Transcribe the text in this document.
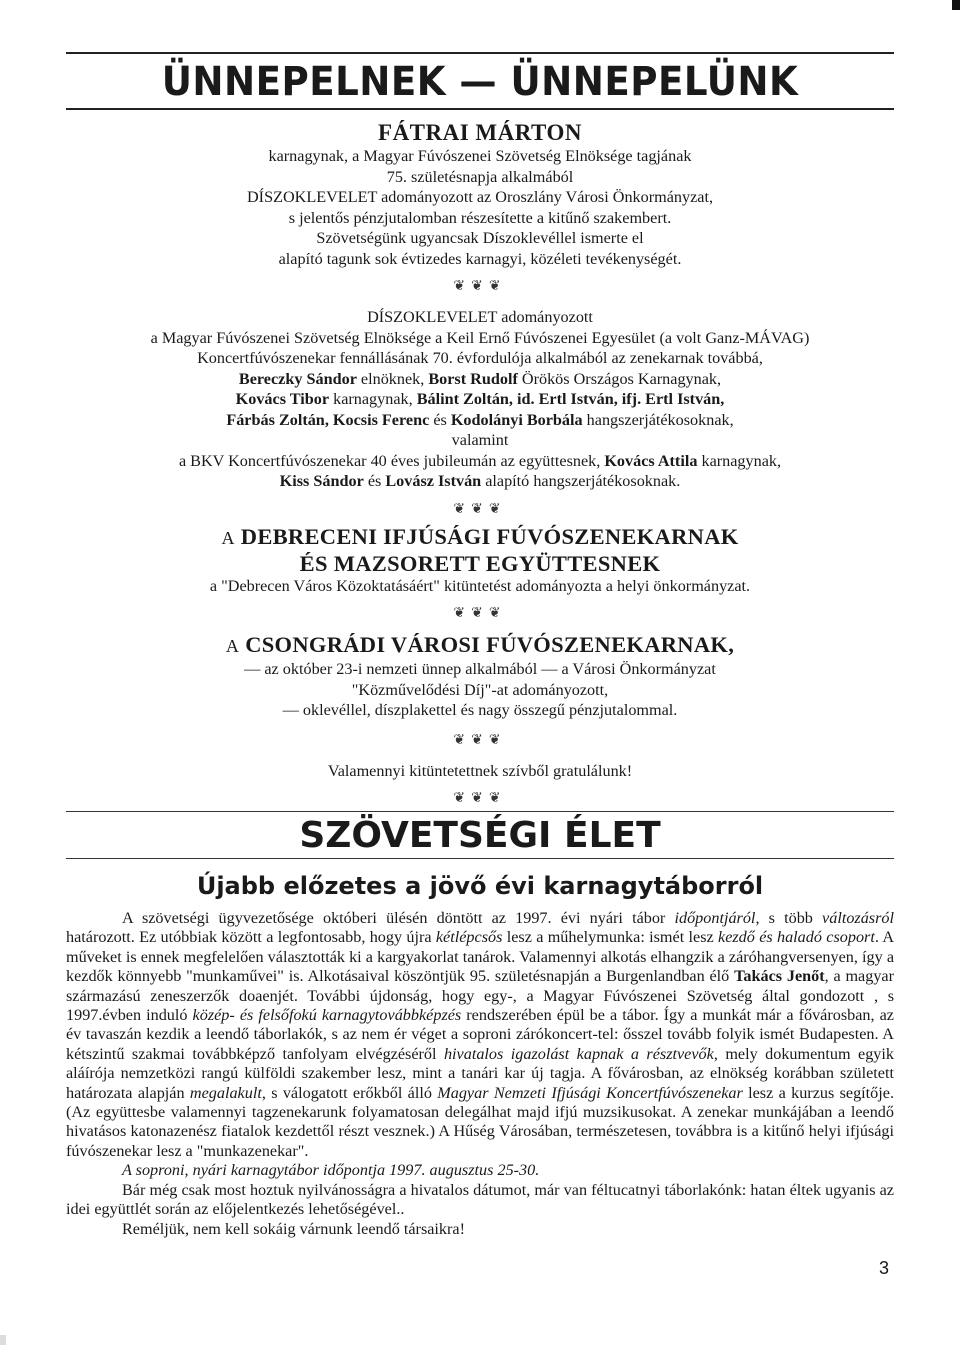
ÜNNEPELNEK — ÜNNEPELÜNK
FÁTRAI MÁRTON
karnagynak, a Magyar Fúvószenei Szövetség Elnöksége tagjának
75. születésnapja alkalmából
DÍSZOKLEVELET adományozott az Oroszlány Városi Önkormányzat,
s jelentős pénzjutalomban részesítette a kitűnő szakembert.
Szövetségünk ugyancsak Díszoklevéllel ismerte el
alapító tagunk sok évtizedes karnagyi, közéleti tevékenységét.
❦❦❦
DÍSZOKLEVELET adományozott
a Magyar Fúvószenei Szövetség Elnöksége a Keil Ernő Fúvószenei Egyesület (a volt Ganz-MÁVAG)
Koncertfúvószenekar fennállásának 70. évfordulója alkalmából az zenekarnak továbbá,
Bereczky Sándor elnöknek, Borst Rudolf Örökös Országos Karnagynak,
Kovács Tibor karnagynak, Bálint Zoltán, id. Ertl István, ifj. Ertl István,
Fárbás Zoltán, Kocsis Ferenc és Kodolányi Borbála hangszerjátékosoknak,
valamint
a BKV Koncertfúvószenekar 40 éves jubileumán az együttesnek, Kovács Attila karnagynak,
Kiss Sándor és Lovász István alapító hangszerjátékosoknak.
❦❦❦
A DEBRECENI IFJÚSÁGI FÚVÓSZENEKARNAK
ÉS MAZSORETT EGYÜTTESNEK
a "Debrecen Város Közoktatásáért" kitüntetést adományozta a helyi önkormányzat.
❦❦❦
A CSONGRÁDI VÁROSI FÚVÓSZENEKARNAK,
— az október 23-i nemzeti ünnep alkalmából — a Városi Önkormányzat
"Közművelődési Díj"-at adományozott,
— oklevéllel, díszplakettel és nagy összegű pénzjutalommal.
❦❦❦
Valamennyi kitüntetettnek szívből gratulálunk!
❦❦❦
SZÖVETSÉGI ÉLET
Újabb előzetes a jövő évi karnagytáborról

A szövetségi ügyvezetősége októberi ülésén döntött az 1997. évi nyári tábor időpontjáról, s több változásról határozott. Ez utóbbiak között a legfontosabb, hogy újra kétlépcsős lesz a műhelymunka: ismét lesz kezdő és haladó csoport. A műveket is ennek megfelelően választották ki a kargyakorlat tanárok. Valamennyi alkotás elhangzik a záróhangversenyen, így a kezdők könnyebb "munkaművei" is. Alkotásaival köszöntjük 95. születésnapján a Burgenlandban élő Takács Jenőt, a magyar származású zeneszerzők doaenjét. További újdonság, hogy egy-, a Magyar Fúvószenei Szövetség által gondozott , s 1997.évben induló közép- és felsőfokú karnagytovábbképzés rendszerében épül be a tábor. Így a munkát már a fővárosban, az év tavaszán kezdik a leendő táborlakók, s az nem ér véget a soproni zárókoncert-tel: ősszel tovább folyik ismét Budapesten. A kétszintű szakmai továbbképző tanfolyam elvégzéséről hivatalos igazolást kapnak a résztvevők, mely dokumentum egyik aláírója nemzetközi rangú külföldi szakember lesz, mint a tanári kar új tagja. A fővárosban, az elnökség korábban született határozata alapján megalakult, s válogatott erőkből álló Magyar Nemzeti Ifjúsági Koncertfúvószenekar lesz a kurzus segítője. (Az együttesbe valamennyi tagzenekarunk folyamatosan delegálhat majd ifjú muzsikusokat. A zenekar munkájában a leendő hivatásos katonazenész fiatalok kezdettől részt vesznek.) A Hűség Városában, természetesen, továbbra is a kitűnő helyi ifjúsági fúvószenekar lesz a "munkazenekar".

A soproni, nyári karnagytábor időpontja 1997. augusztus 25-30.

Bár még csak most hoztuk nyilvánosságra a hivatalos dátumot, már van féltucatnyi táborlakónk: hatan éltek ugyanis az idei együttlét során az előjelentkezés lehetőségével..

Reméljük, nem kell sokáig várnunk leendő társaikra!

3
